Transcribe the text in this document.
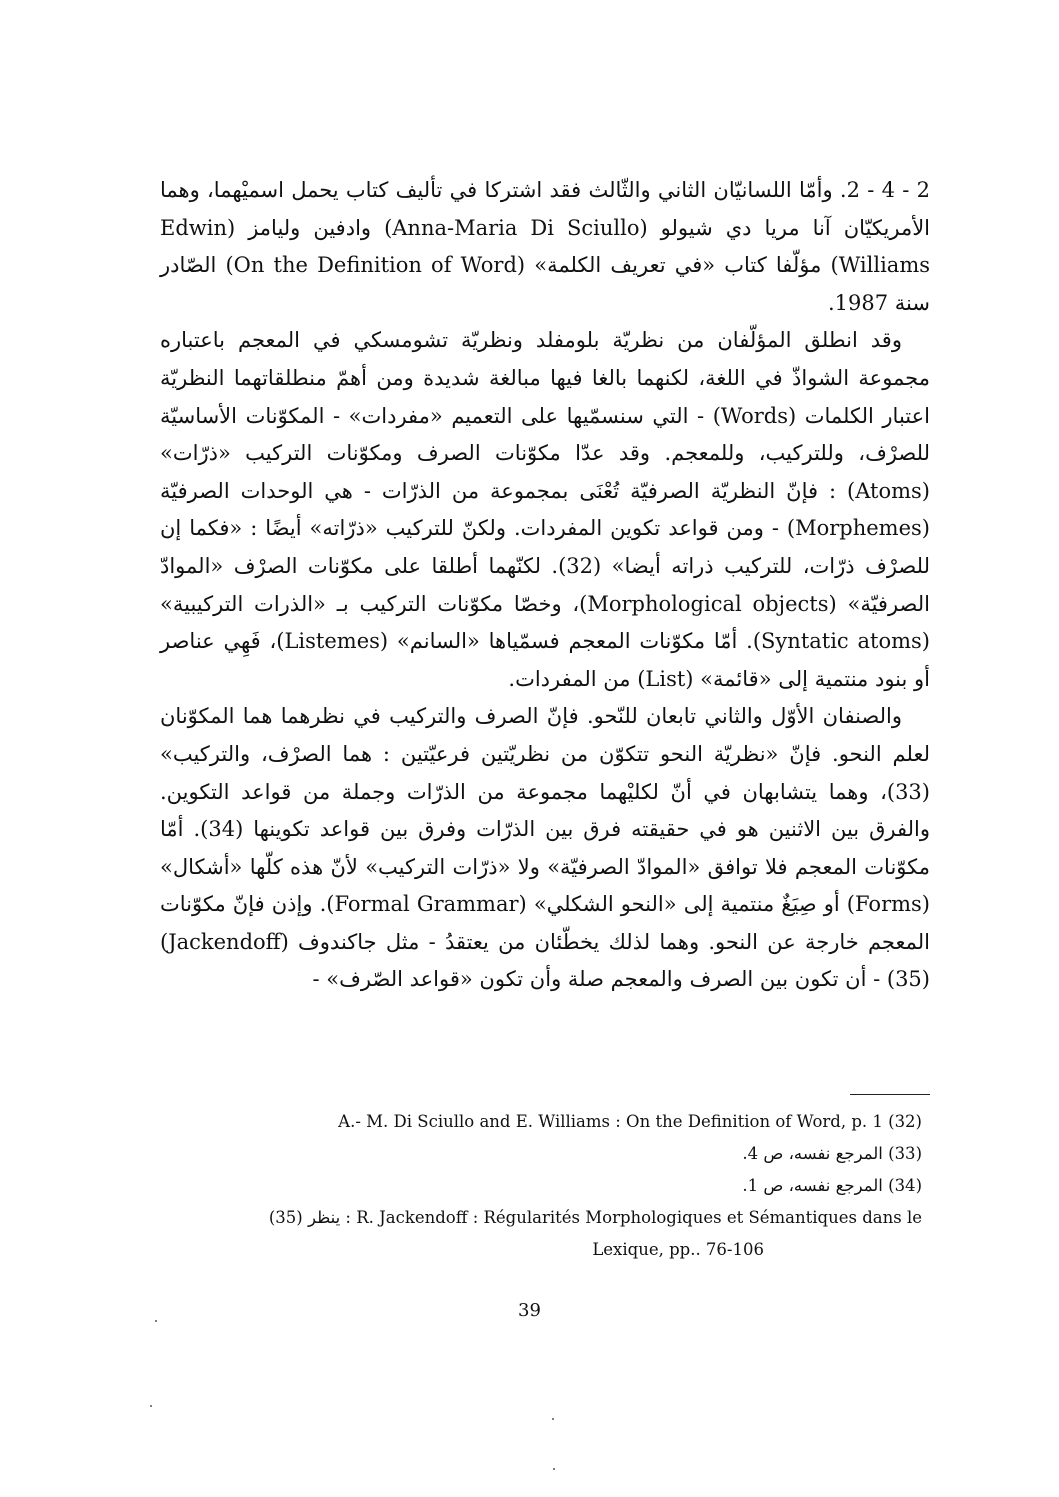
2 - 4 - 2. وأمّا اللسانيّان الثاني والثّالث فقد اشتركا في تأليف كتاب يحمل اسميْهما، وهما الأمريكيّان آنا مريا دي شيولو (Anna-Maria Di Sciullo) وادفين وليامز (Edwin Williams) مؤلّفا كتاب «في تعريف الكلمة» (On the Definition of Word) الصّادر سنة 1987.

وقد انطلق المؤلّفان من نظريّة بلومفلد ونظريّة تشومسكي في المعجم باعتباره مجموعة الشواذّ في اللغة، لكنهما بالغا فيها مبالغة شديدة ومن أهمّ منطلقاتهما النظريّة اعتبار الكلمات (Words) - التي سنسمّيها على التعميم «مفردات» - المكوّنات الأساسيّة للصرْف، وللتركيب، وللمعجم. وقد عدّا مكوّنات الصرف ومكوّنات التركيب «ذرّات» (Atoms) : فإنّ النظريّة الصرفيّة تُعْنَى بمجموعة من الذرّات - هي الوحدات الصرفيّة (Morphemes) - ومن قواعد تكوين المفردات. ولكنّ للتركيب «ذرّاته» أيضًا : «فكما إن للصرْف ذرّات، للتركيب ذراته أيضا» (32). لكنّهما أطلقا على مكوّنات الصرْف «الموادّ الصرفيّة» (Morphological objects)، وخصّا مكوّنات التركيب بـ «الذرات التركيبية» (Syntatic atoms). أمّا مكوّنات المعجم فسمّياها «السانم» (Listemes)، فَهِي عناصر أو بنود منتمية إلى «قائمة» (List) من المفردات.

والصنفان الأوّل والثاني تابعان للنّحو. فإنّ الصرف والتركيب في نظرهما هما المكوّنان لعلم النحو. فإنّ «نظريّة النحو تتكوّن من نظريّتين فرعيّتين : هما الصرْف، والتركيب» (33)، وهما يتشابهان في أنّ لكليْهما مجموعة من الذرّات وجملة من قواعد التكوين. والفرق بين الاثنين هو في حقيقته فرق بين الذرّات وفرق بين قواعد تكوينها (34). أمّا مكوّنات المعجم فلا توافق «الموادّ الصرفيّة» ولا «ذرّات التركيب» لأنّ هذه كلّها «أشكال» (Forms) أو صِيَغٌ منتمية إلى «النحو الشكلي» (Formal Grammar). وإذن فإنّ مكوّنات المعجم خارجة عن النحو. وهما لذلك يخطّئان من يعتقدُ - مثل جاكندوف (Jackendoff) (35) - أن تكون بين الصرف والمعجم صلة وأن تكون «قواعد الصّرف» -

A.- M. Di Sciullo and E. Williams : On the Definition of Word, p. 1 (32)

(33) المرجع نفسه، ص 4.

(34) المرجع نفسه، ص 1.

R. Jackendoff : Régularités Morphologiques et Sémantiques dans le : ينظر (35)

Lexique, pp.. 76-106

39
